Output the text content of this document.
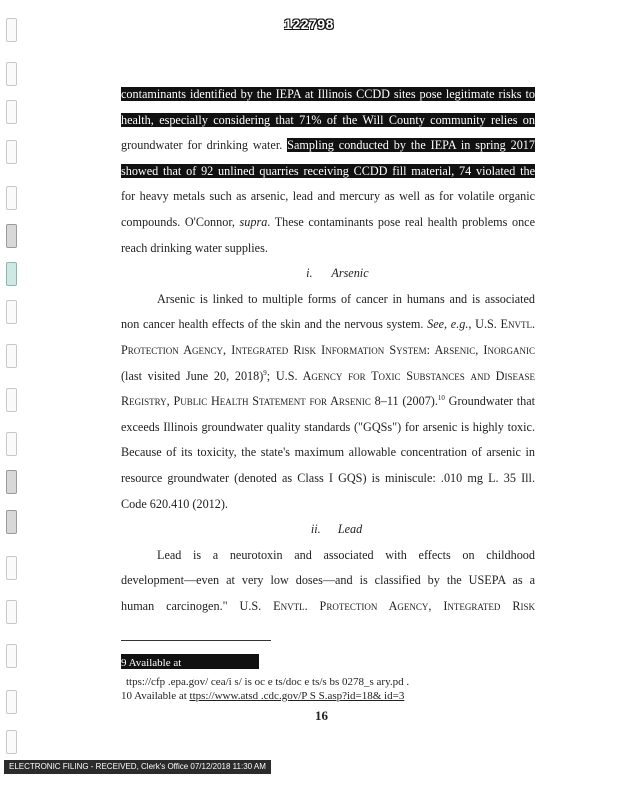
122798
contaminants identified by the IEPA at Illinois CCDD sites pose legitimate risks to
health, especially considering that 71% of the Will County community relies on
groundwater for drinking water. Sampling conducted by the IEPA in spring 2017
showed that of 92 unlined quarries receiving CCDD fill material, 74 violated the
for heavy metals such as arsenic, lead and mercury as well as for volatile organic
compounds. O'Connor, supra. These contaminants pose real health problems once
reach drinking water supplies.
i. Arsenic
Arsenic is linked to multiple forms of cancer in humans and is associated
non cancer health effects of the skin and the nervous system. See, e.g., U.S. Envtl.
Protection Agency, Integrated Risk Information System: Arsenic, Inorganic
(last visited June 20, 2018)$^9$; U.S. Agency for Toxic Substances and Disease
Registry, Public Health Statement for Arsenic 8–11 (2007).$^{10}$ Groundwater that
exceeds Illinois groundwater quality standards ("GQSs") for arsenic is highly toxic.
Because of its toxicity, the state's maximum allowable concentration of arsenic in
resource groundwater (denoted as Class I GQS) is miniscule: .010 mg L. 35 Ill.
Code 620.410 (2012).
ii. Lead
Lead is a neurotoxin and associated with effects on childhood
development—even at very low doses—and is classified by the USEPA as a
human carcinogen." U.S. Envtl. Protection Agency, Integrated Risk
9 Available at
ttps://cfp .epa.gov/ cea/i s/ is oc e ts/doc e ts/s bs 0278_s ary.pd .
10 Available at ttps://www.atsd .cdc.gov/P S S.asp?id=18& id=3
16
ELECTRONIC FILING - RECEIVED, Clerk's Office 07/12/2018 11:30 AM
